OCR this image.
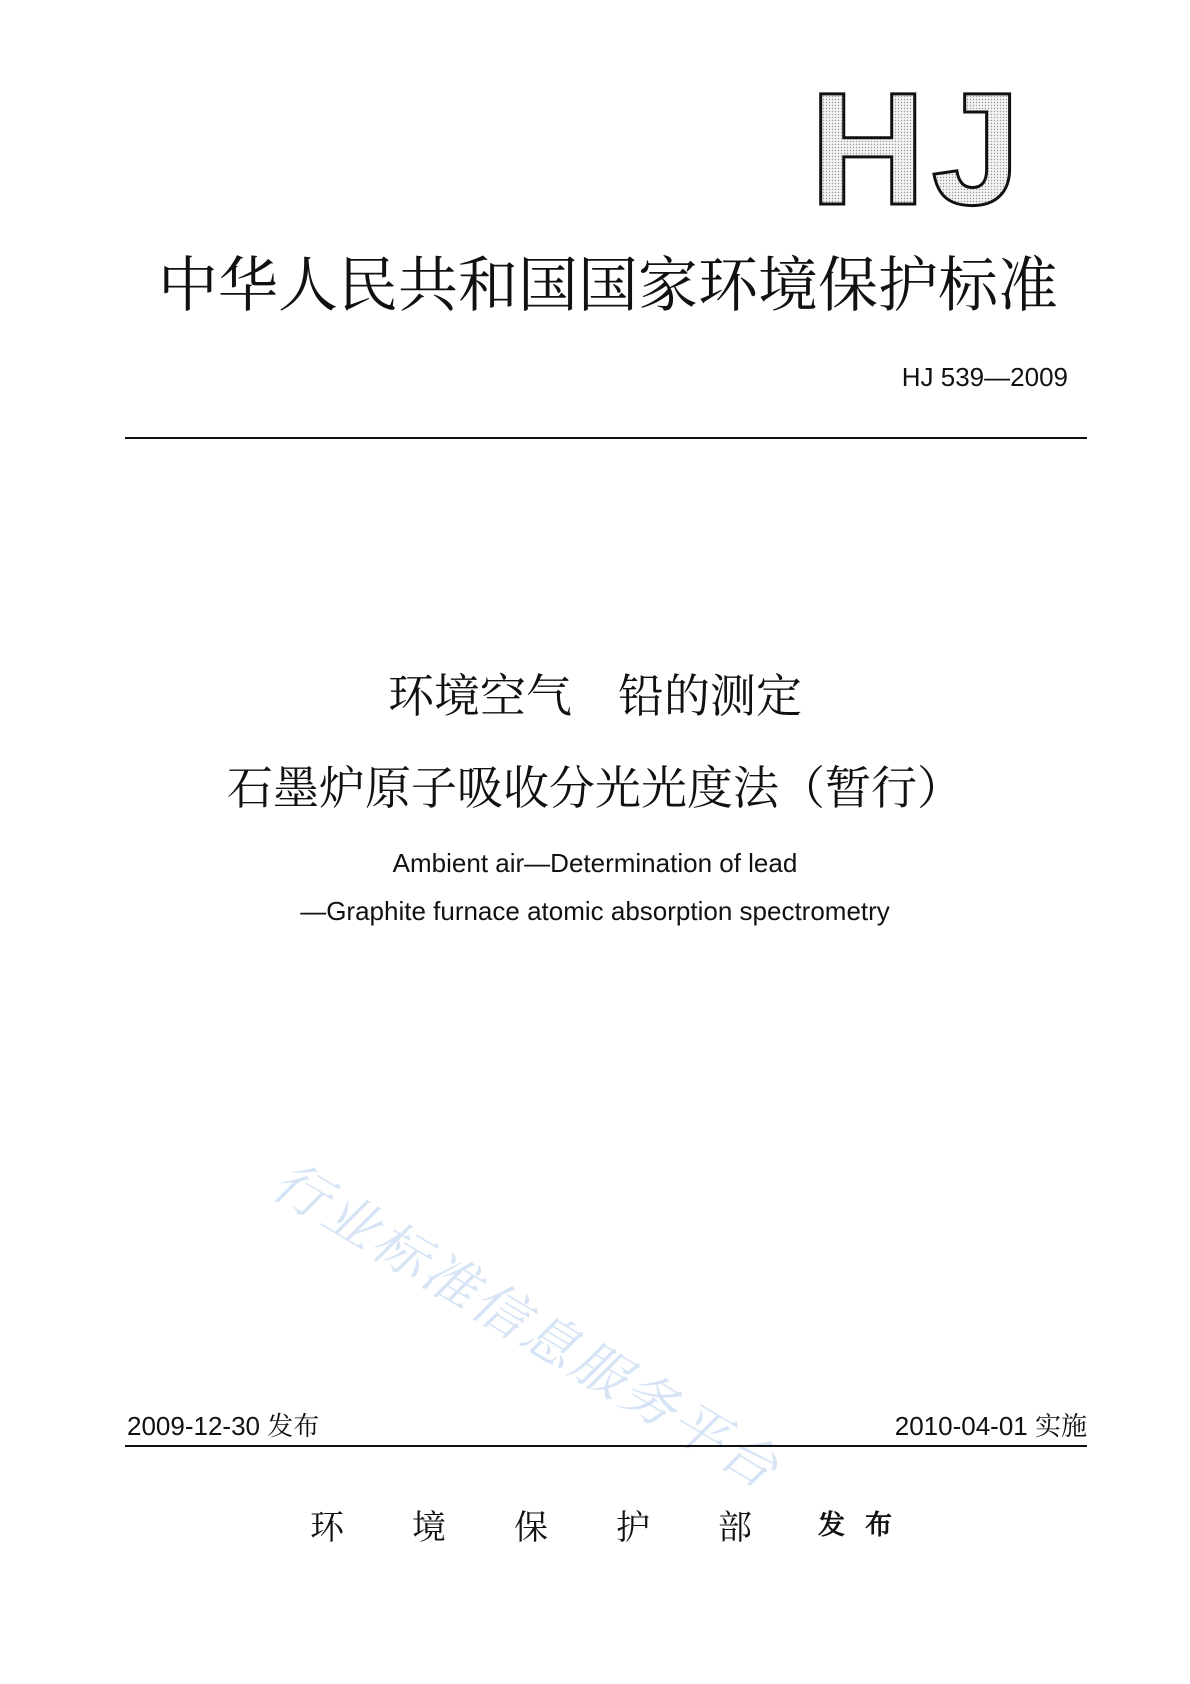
HJ
中华人民共和国国家环境保护标准
HJ 539—2009
环境空气　铅的测定
石墨炉原子吸收分光光度法（暂行）
Ambient air—Determination of lead
—Graphite furnace atomic absorption spectrometry
行业标准信息服务平台
2009-12-30 发布	2010-04-01 实施
环境保护部
发布
